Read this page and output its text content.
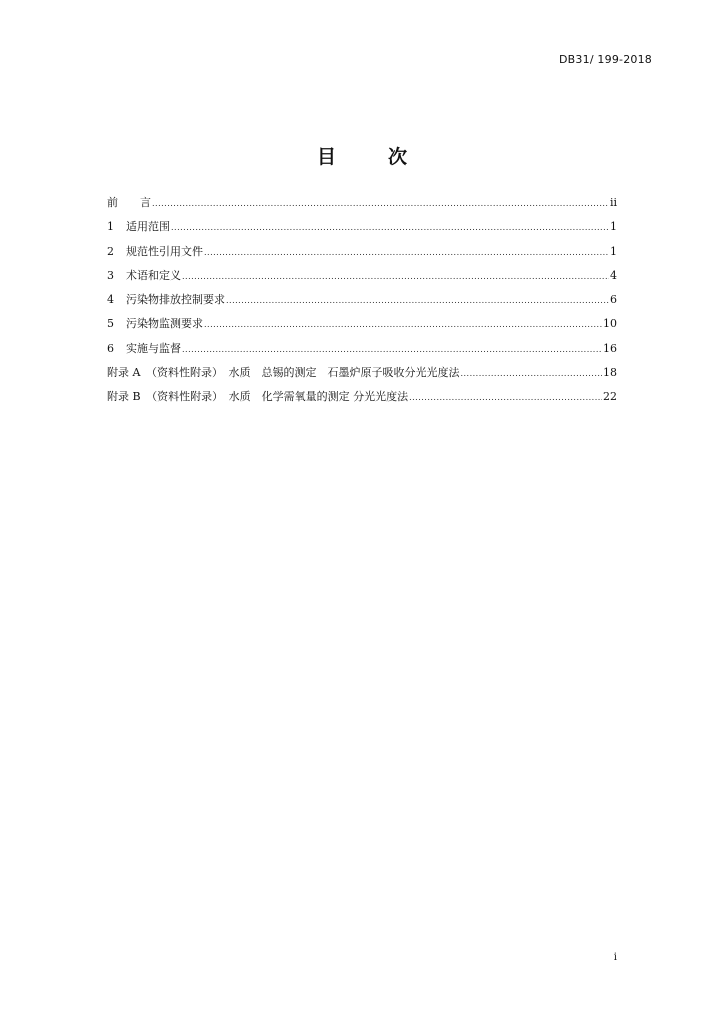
DB31/ 199-2018
目	次
前　　言 .....	ii
1 适用范围 .....	1
2 规范性引用文件 .....	1
3 术语和定义 .....	4
4 污染物排放控制要求 .....	6
5 污染物监测要求 .....	10
6 实施与监督 .....	16
附录 A　（资料性附录）　水质　总锡的测定　石墨炉原子吸收分光光度法 .....	18
附录 B　（资料性附录）　水质　化学需氧量的测定 分光光度法 .....	22
i
